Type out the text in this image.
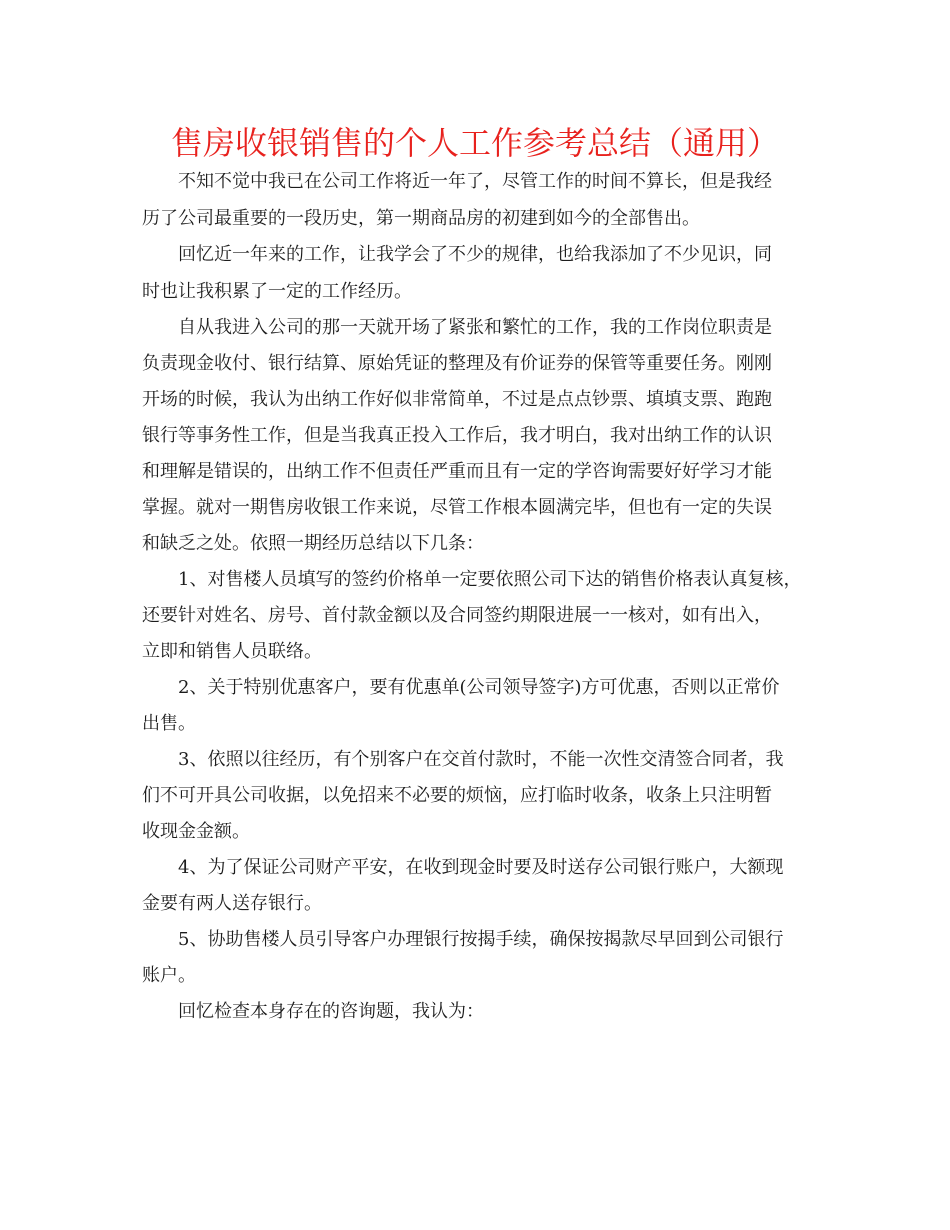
售房收银销售的个人工作参考总结（通用）

不知不觉中我已在公司工作将近一年了，尽管工作的时间不算长，但是我经

历了公司最重要的一段历史，第一期商品房的初建到如今的全部售出。

回忆近一年来的工作，让我学会了不少的规律，也给我添加了不少见识，同

时也让我积累了一定的工作经历。

自从我进入公司的那一天就开场了紧张和繁忙的工作，我的工作岗位职责是

负责现金收付、银行结算、原始凭证的整理及有价证券的保管等重要任务。刚刚

开场的时候，我认为出纳工作好似非常简单，不过是点点钞票、填填支票、跑跑

银行等事务性工作，但是当我真正投入工作后，我才明白，我对出纳工作的认识

和理解是错误的，出纳工作不但责任严重而且有一定的学咨询需要好好学习才能

掌握。就对一期售房收银工作来说，尽管工作根本圆满完毕，但也有一定的失误

和缺乏之处。依照一期经历总结以下几条：

1、对售楼人员填写的签约价格单一定要依照公司下达的销售价格表认真复核，

还要针对姓名、房号、首付款金额以及合同签约期限进展一一核对，如有出入，

立即和销售人员联络。

2、关于特别优惠客户，要有优惠单(公司领导签字)方可优惠，否则以正常价

出售。

3、依照以往经历，有个别客户在交首付款时，不能一次性交清签合同者，我

们不可开具公司收据，以免招来不必要的烦恼，应打临时收条，收条上只注明暂

收现金金额。

4、为了保证公司财产平安，在收到现金时要及时送存公司银行账户，大额现

金要有两人送存银行。

5、协助售楼人员引导客户办理银行按揭手续，确保按揭款尽早回到公司银行

账户。

回忆检查本身存在的咨询题，我认为：
